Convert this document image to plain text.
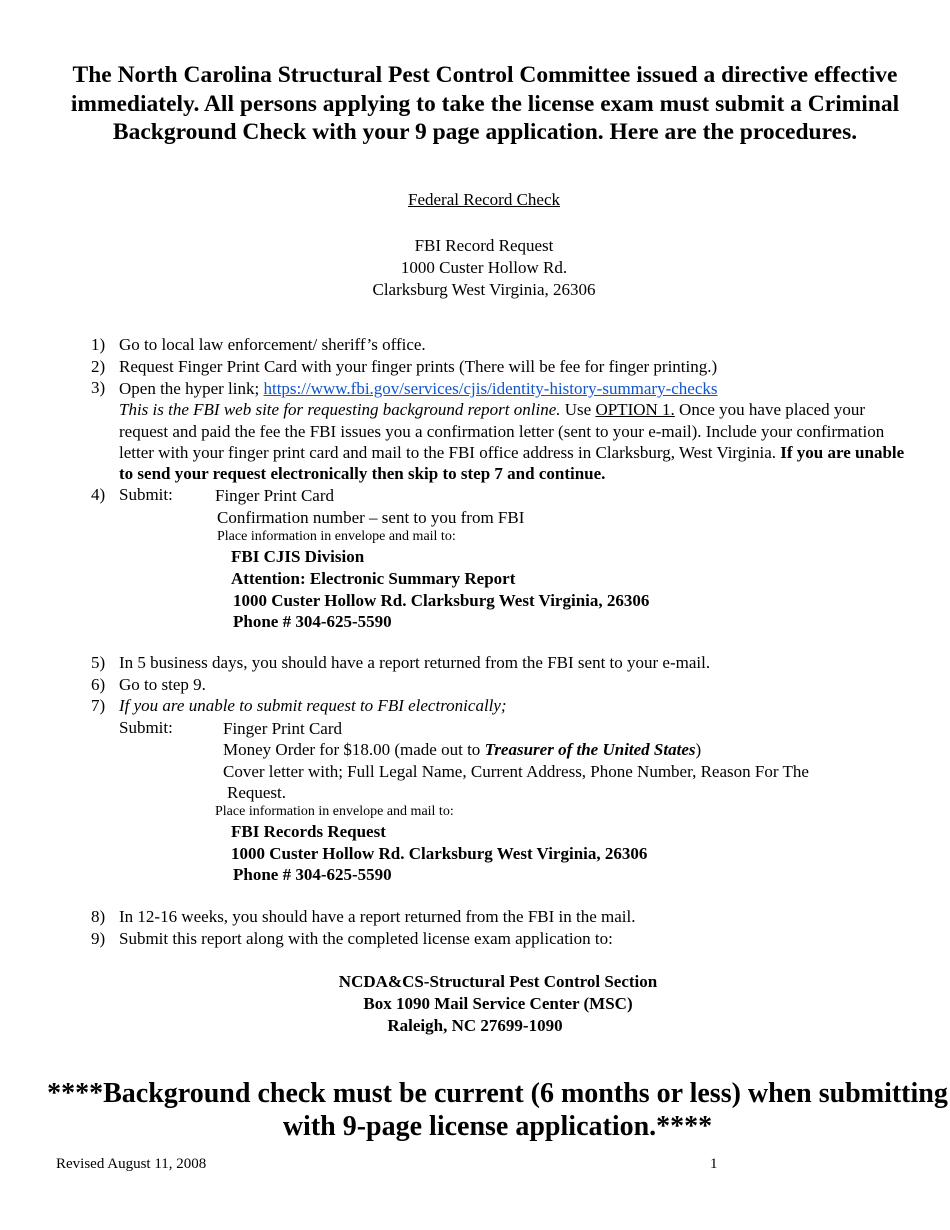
The North Carolina Structural Pest Control Committee issued a directive effective immediately. All persons applying to take the license exam must submit a Criminal Background Check with your 9 page application. Here are the procedures.
Federal Record Check
FBI Record Request
1000 Custer Hollow Rd.
Clarksburg West Virginia, 26306
1) Go to local law enforcement/ sheriff’s office.
2) Request Finger Print Card with your finger prints (There will be fee for finger printing.)
3) Open the hyper link; https://www.fbi.gov/services/cjis/identity-history-summary-checks
This is the FBI web site for requesting background report online. Use OPTION 1. Once you have placed your request and paid the fee the FBI issues you a confirmation letter (sent to your e-mail). Include your confirmation letter with your finger print card and mail to the FBI office address in Clarksburg, West Virginia. If you are unable to send your request electronically then skip to step 7 and continue.
4) Submit: Finger Print Card
Confirmation number – sent to you from FBI
Place information in envelope and mail to:
FBI CJIS Division
Attention: Electronic Summary Report
1000 Custer Hollow Rd. Clarksburg West Virginia, 26306
Phone # 304-625-5590
5) In 5 business days, you should have a report returned from the FBI sent to your e-mail.
6) Go to step 9.
7) If you are unable to submit request to FBI electronically;
Submit:	Finger Print Card
Money Order for $18.00 (made out to Treasurer of the United States)
Cover letter with; Full Legal Name, Current Address, Phone Number, Reason For The
Request.
Place information in envelope and mail to:
FBI Records Request
1000 Custer Hollow Rd. Clarksburg West Virginia, 26306
Phone # 304-625-5590
8) In 12-16 weeks, you should have a report returned from the FBI in the mail.
9) Submit this report along with the completed license exam application to:
NCDA&CS-Structural Pest Control Section
Box 1090 Mail Service Center (MSC)
Raleigh, NC 27699-1090
****Background check must be current (6 months or less) when submitting with 9-page license application.****
Revised August 11, 2008	1
